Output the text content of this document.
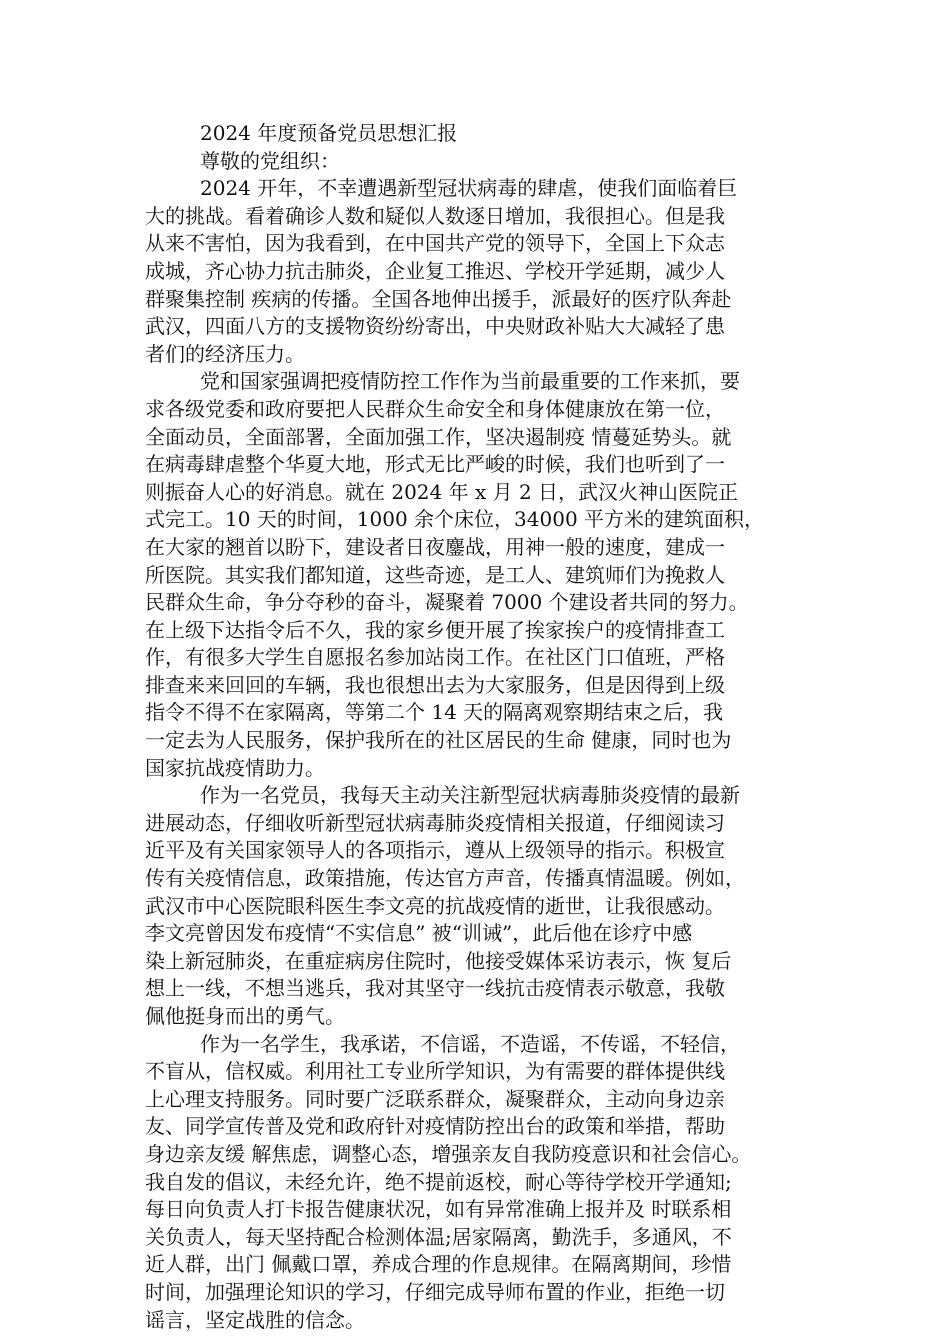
2024 年度预备党员思想汇报
尊敬的党组织：
2024 开年，不幸遭遇新型冠状病毒的肆虐，使我们面临着巨
大的挑战。看着确诊人数和疑似人数逐日增加，我很担心。但是我
从来不害怕，因为我看到，在中国共产党的领导下，全国上下众志
成城，齐心协力抗击肺炎，企业复工推迟、学校开学延期，减少人
群聚集控制 疾病的传播。全国各地伸出援手，派最好的医疗队奔赴
武汉，四面八方的支援物资纷纷寄出，中央财政补贴大大减轻了患
者们的经济压力。
党和国家强调把疫情防控工作作为当前最重要的工作来抓，要
求各级党委和政府要把人民群众生命安全和身体健康放在第一位，
全面动员，全面部署，全面加强工作，坚决遏制疫 情蔓延势头。就
在病毒肆虐整个华夏大地，形式无比严峻的时候，我们也听到了一
则振奋人心的好消息。就在 2024 年 x 月 2 日，武汉火神山医院正
式完工。10 天的时间，1000 余个床位，34000 平方米的建筑面积，
在大家的翘首以盼下，建设者日夜鏖战，用神一般的速度，建成一
所医院。其实我们都知道，这些奇迹，是工人、建筑师们为挽救人
民群众生命，争分夺秒的奋斗，凝聚着 7000 个建设者共同的努力。
在上级下达指令后不久，我的家乡便开展了挨家挨户的疫情排查工
作，有很多大学生自愿报名参加站岗工作。在社区门口值班，严格
排查来来回回的车辆，我也很想出去为大家服务，但是因得到上级
指令不得不在家隔离，等第二个 14 天的隔离观察期结束之后，我
一定去为人民服务，保护我所在的社区居民的生命 健康，同时也为
国家抗战疫情助力。
作为一名党员，我每天主动关注新型冠状病毒肺炎疫情的最新
进展动态，仔细收听新型冠状病毒肺炎疫情相关报道，仔细阅读习
近平及有关国家领导人的各项指示，遵从上级领导的指示。积极宣
传有关疫情信息，政策措施，传达官方声音，传播真情温暖。例如，
武汉市中心医院眼科医生李文亮的抗战疫情的逝世，让我很感动。
李文亮曾因发布疫情“不实信息” 被“训诫”，此后他在诊疗中感
染上新冠肺炎，在重症病房住院时，他接受媒体采访表示，恢 复后
想上一线，不想当逃兵，我对其坚守一线抗击疫情表示敬意，我敬
佩他挺身而出的勇气。
作为一名学生，我承诺，不信谣，不造谣，不传谣，不轻信，
不盲从，信权威。利用社工专业所学知识，为有需要的群体提供线
上心理支持服务。同时要广泛联系群众，凝聚群众，主动向身边亲
友、同学宣传普及党和政府针对疫情防控出台的政策和举措，帮助
身边亲友缓 解焦虑，调整心态，增强亲友自我防疫意识和社会信心。
我自发的倡议，未经允许，绝不提前返校，耐心等待学校开学通知;
每日向负责人打卡报告健康状况，如有异常准确上报并及 时联系相
关负责人，每天坚持配合检测体温;居家隔离，勤洗手，多通风，不
近人群，出门 佩戴口罩，养成合理的作息规律。在隔离期间，珍惜
时间，加强理论知识的学习，仔细完成导师布置的作业，拒绝一切
谣言，坚定战胜的信念。
